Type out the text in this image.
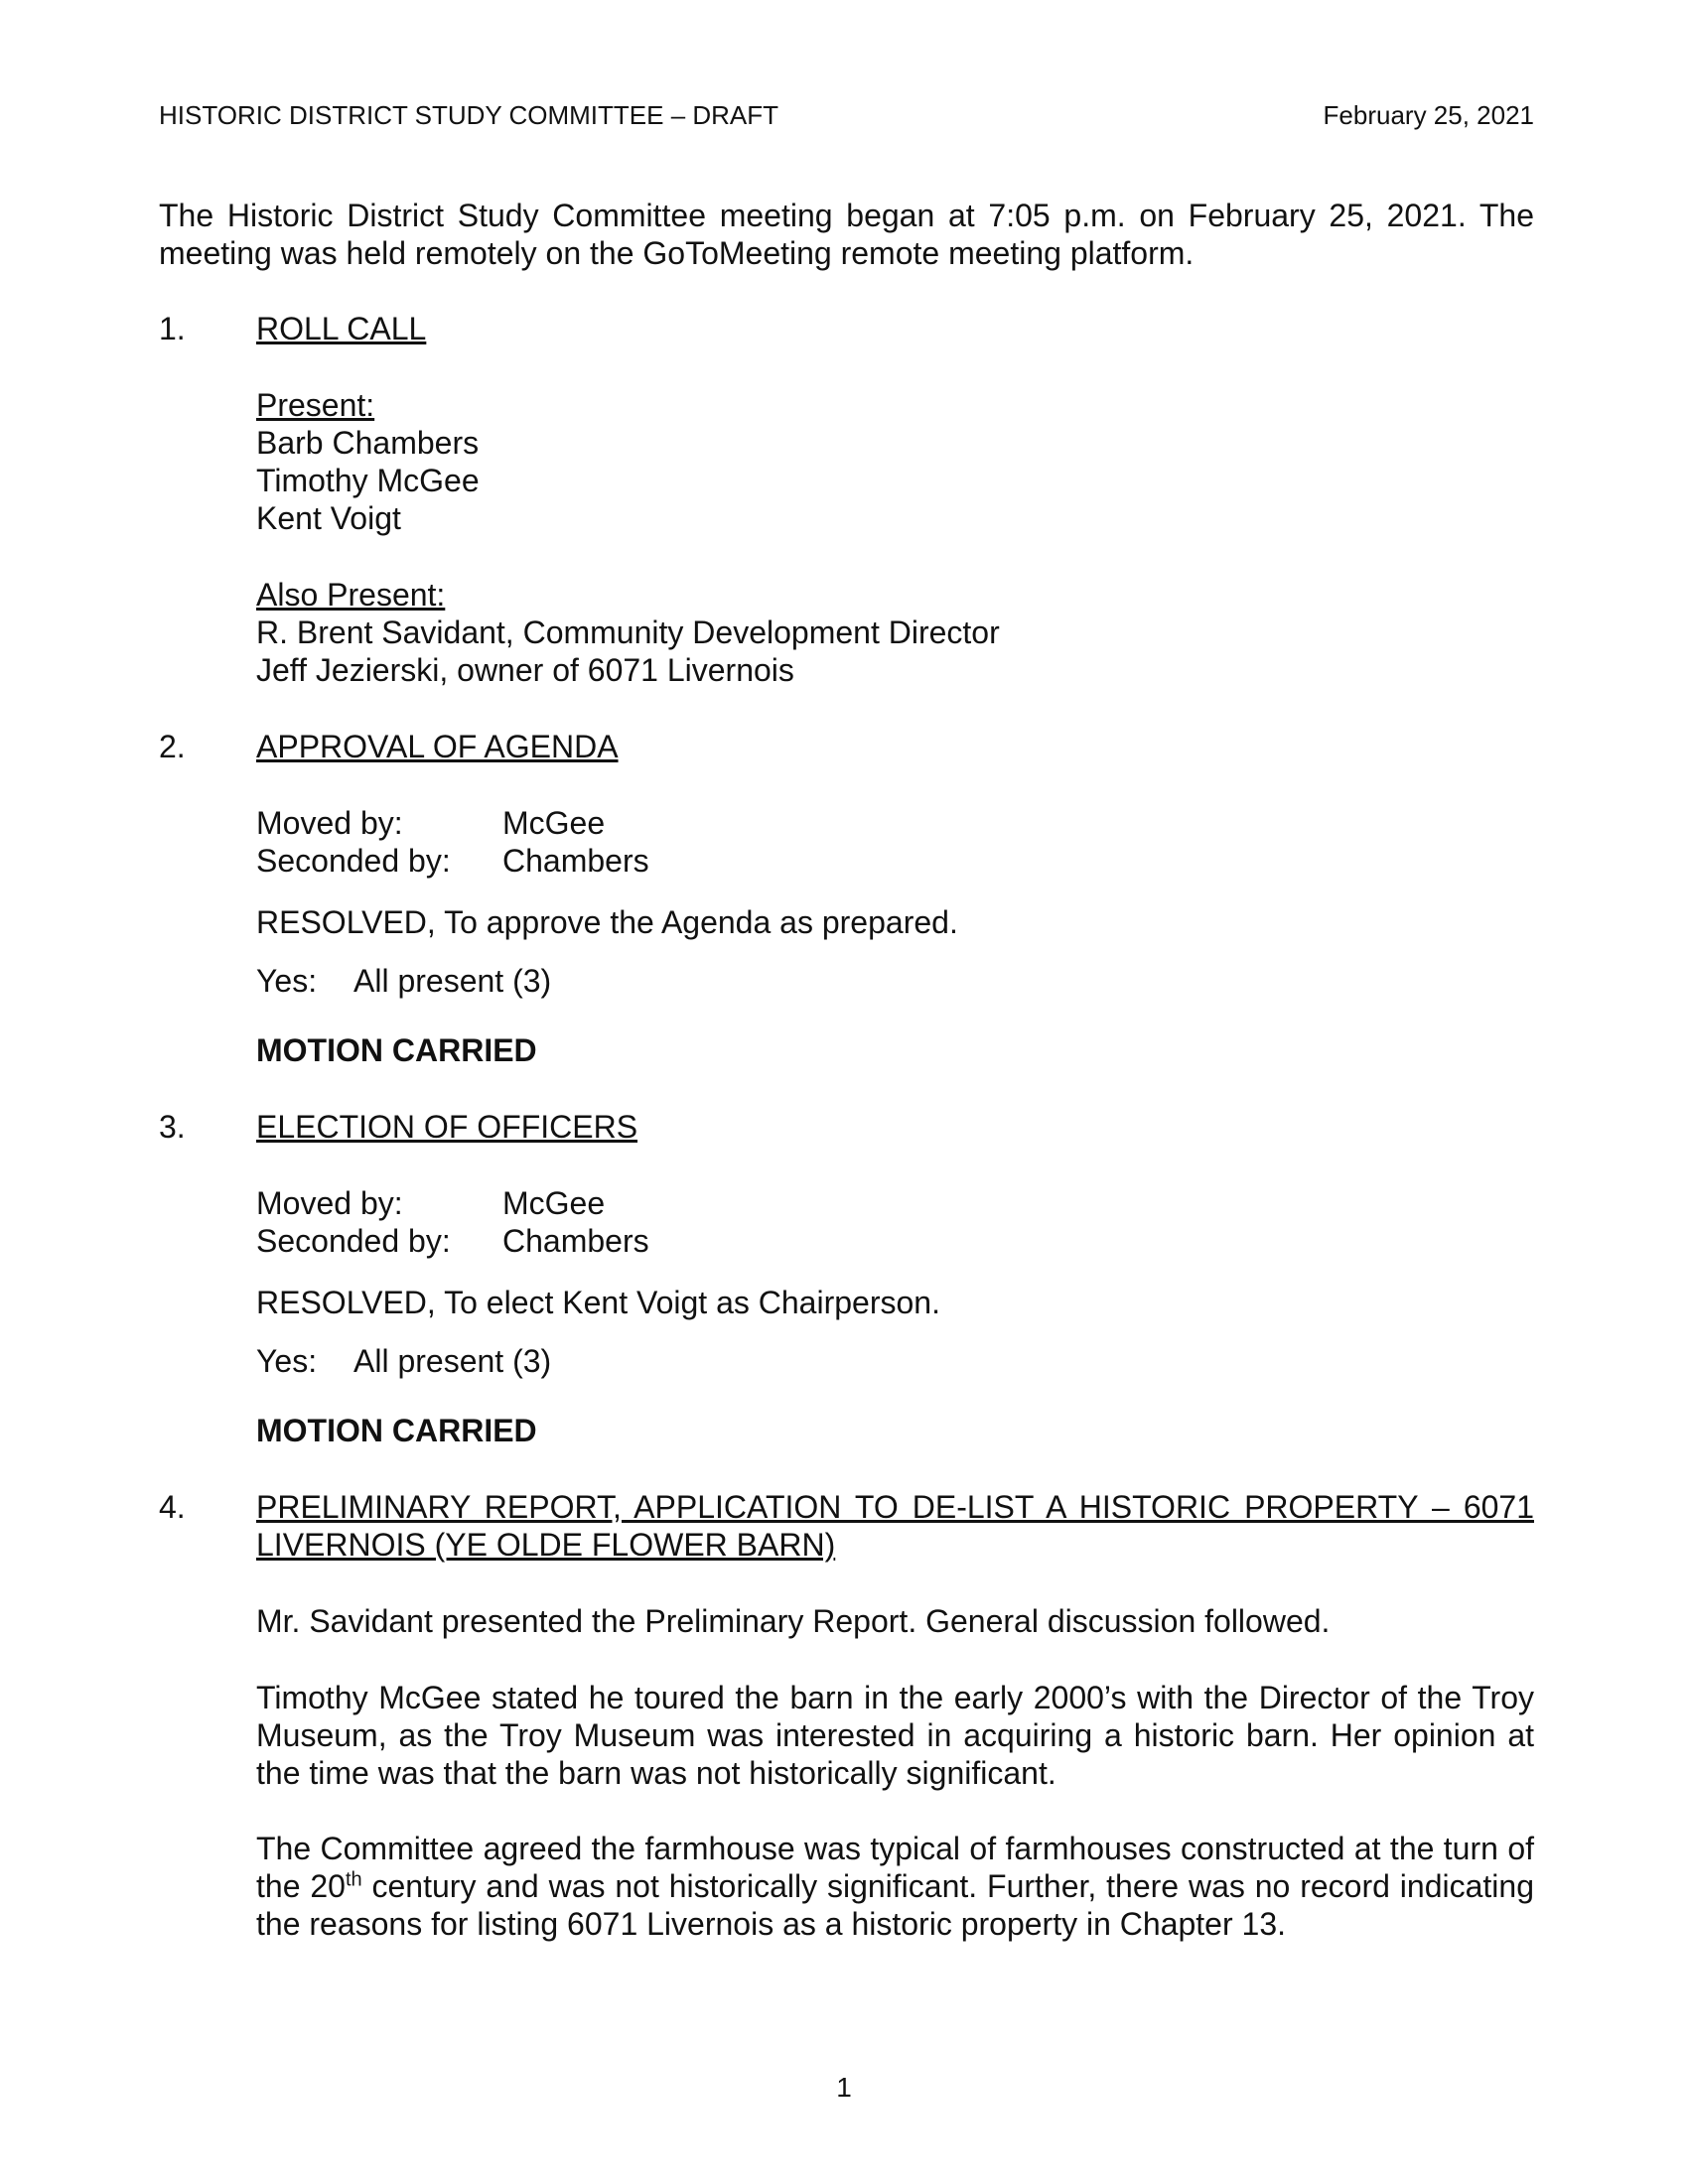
HISTORIC DISTRICT STUDY COMMITTEE – DRAFT	February 25, 2021
The Historic District Study Committee meeting began at 7:05 p.m. on February 25, 2021. The meeting was held remotely on the GoToMeeting remote meeting platform.
1. ROLL CALL
Present:
Barb Chambers
Timothy McGee
Kent Voigt
Also Present:
R. Brent Savidant, Community Development Director
Jeff Jezierski, owner of 6071 Livernois
2. APPROVAL OF AGENDA
Moved by:	McGee
Seconded by: Chambers
RESOLVED, To approve the Agenda as prepared.
Yes: All present (3)
MOTION CARRIED
3. ELECTION OF OFFICERS
Moved by:	McGee
Seconded by: Chambers
RESOLVED, To elect Kent Voigt as Chairperson.
Yes: All present (3)
MOTION CARRIED
4. PRELIMINARY REPORT, APPLICATION TO DE-LIST A HISTORIC PROPERTY – 6071 LIVERNOIS (YE OLDE FLOWER BARN)
Mr. Savidant presented the Preliminary Report. General discussion followed.
Timothy McGee stated he toured the barn in the early 2000’s with the Director of the Troy Museum, as the Troy Museum was interested in acquiring a historic barn. Her opinion at the time was that the barn was not historically significant.
The Committee agreed the farmhouse was typical of farmhouses constructed at the turn of the 20th century and was not historically significant. Further, there was no record indicating the reasons for listing 6071 Livernois as a historic property in Chapter 13.
1
